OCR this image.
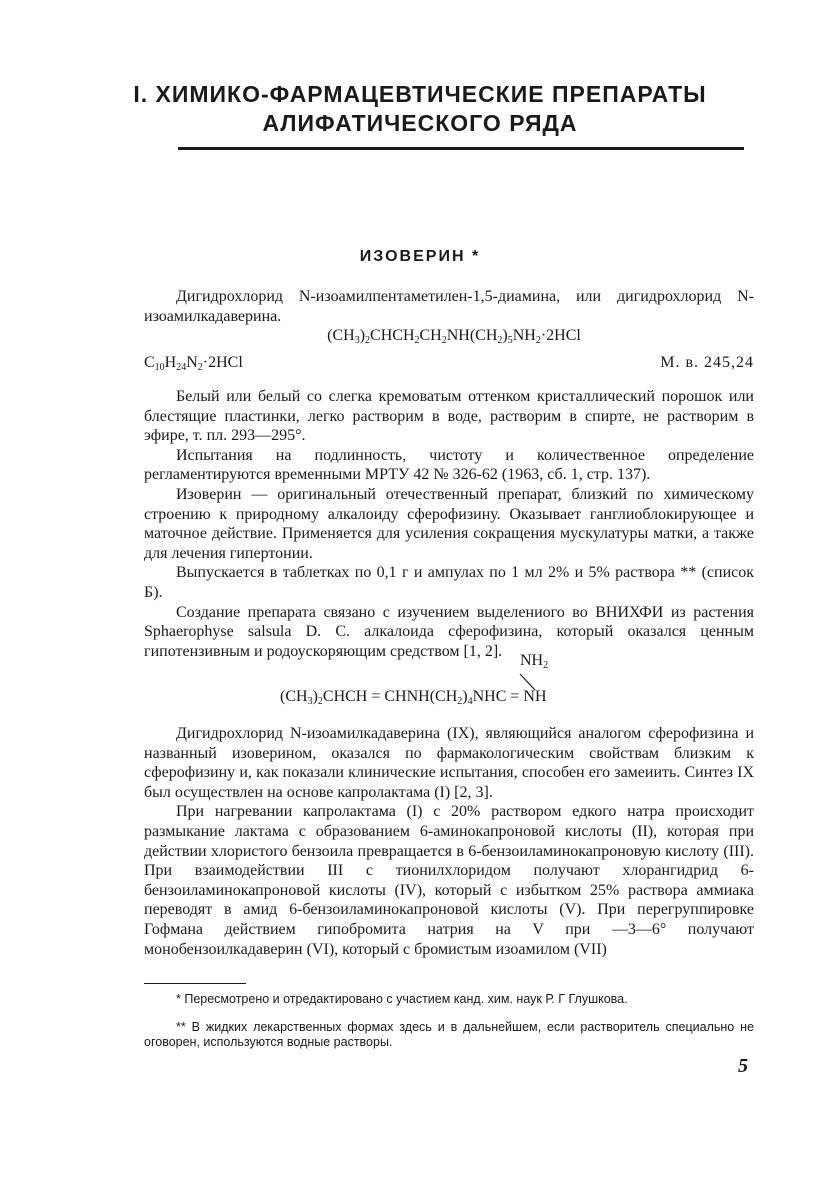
I. ХИМИКО-ФАРМАЦЕВТИЧЕСКИЕ ПРЕПАРАТЫ
АЛИФАТИЧЕСКОГО РЯДА
ИЗОВЕРИН *

Дигидрохлорид N-изоамилпентаметилен-1,5-диамина, или дигидрохлорид N-изоамилкадаверина.

$(CH_3)_2CHCH_2CH_2NH(CH_2)_5NH_2\cdot 2HCl$
$C_{10}H_{24}N_2\cdot 2HCl$	М. в. 245,24

Белый или белый со слегка кремоватым оттенком кристаллический порошок или блестящие пластинки, легко растворим в воде, растворим в спирте, не растворим в эфире, т. пл. 293—295°.

Испытания на подлинность, чистоту и количественное определение регламентируются временными МРТУ 42 № 326-62 (1963, сб. 1, стр. 137).

Изоверин — оригинальный отечественный препарат, близкий по химическому строению к природному алкалоиду сферофизину. Оказывает ганглиоблокирующее и маточное действие. Применяется для усиления сокращения мускулатуры матки, а также для лечения гипертонии.

Выпускается в таблетках по 0,1 г и ампулах по 1 мл 2% и 5% раствора ** (список Б).

Создание препарата связано с изучением выделениого во ВНИХФИ из растения Sphaerophyse salsula D. C. алкалоида сферофизина, который оказался ценным гипотензивным и родоускоряющим средством [1, 2].

$NH_2$
$(CH_3)_2CHCH$ = $CHNH(CH_2)_4NHC$ = NH

Дигидрохлорид N-изоамилкадаверина (IX), являющийся аналогом сферофизина и названный изоверином, оказался по фармакологическим свойствам близким к сферофизину и, как показали клинические испытания, способен его замеиить. Синтез IX был осуществлен на основе капролактама (I) [2, 3].

При нагревании капролактама (I) с 20% раствором едкого натра происходит размыкание лактама с образованием 6-аминокапроновой кислоты (II), которая при действии хлористого бензоила превращается в 6-бензоиламинокапроновую кислоту (III). При взаимодействии III с тионилхлоридом получают хлорангидрид 6-бензоиламинокапроновой кислоты (IV), который с избытком 25% раствора аммиака переводят в амид 6-бензоиламинокапроновой кислоты (V). При перегруппировке Гофмана действием гипобромита натрия на V при —3—6° получают монобензоилкадаверин (VI), который с бромистым изоамилом (VII)

* Пересмотрено и отредактировано с участием канд. хим. наук Р. Г Глушкова.
** В жидких лекарственных формах здесь и в дальнейшем, если растворитель специально не оговорен, используются водные растворы.
5
